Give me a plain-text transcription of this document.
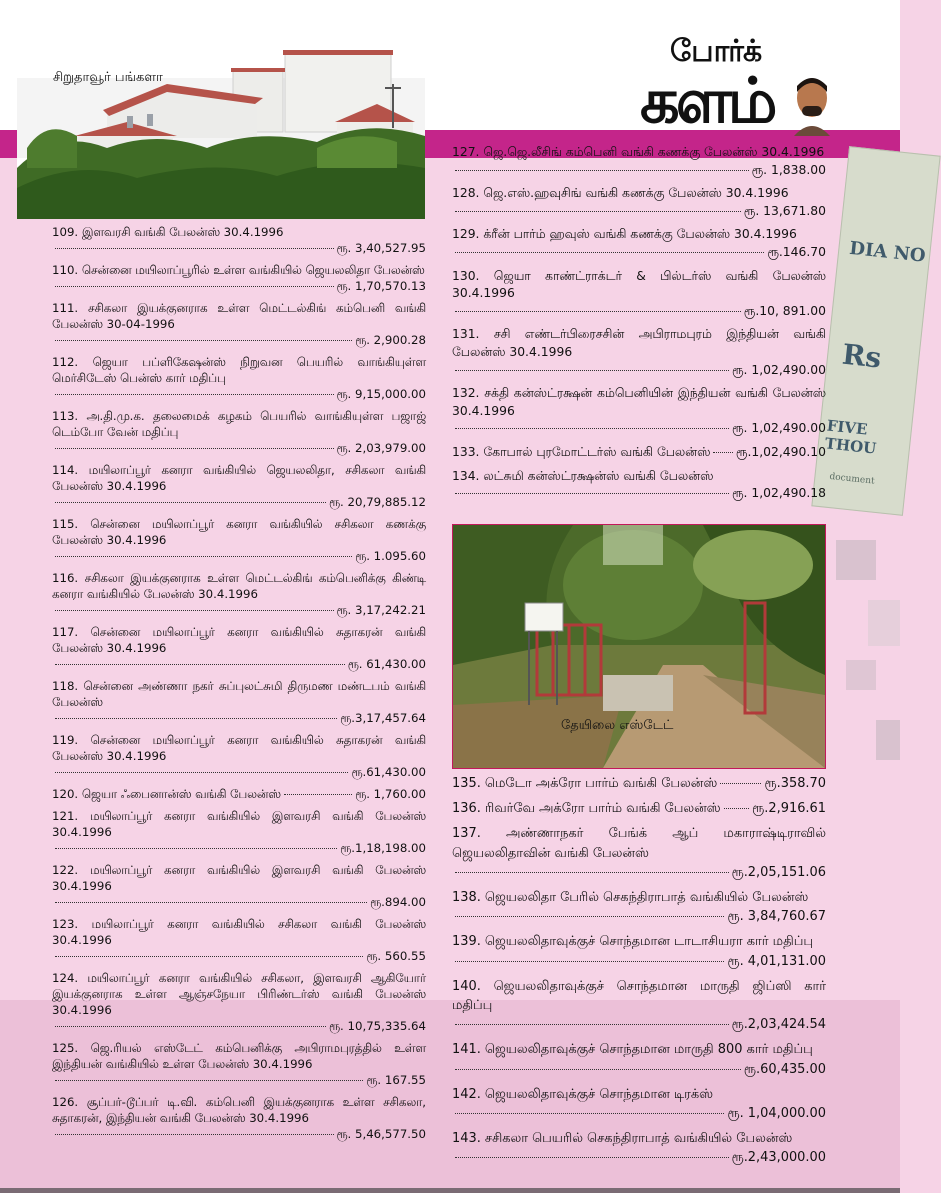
DIA NO
Rs
FIVE THOU
document
போர்க்
களம்
சிறுதாவூர் பங்களா
தேயிலை எஸ்டேட்
109. இளவரசி வங்கி பேலன்ஸ் 30.4.1996
ரூ. 3,40,527.95
110. சென்னை மயிலாப்பூரில் உள்ள வங்கியில் ஜெயலலிதா பேலன்ஸ்
ரூ. 1,70,570.13
111. சசிகலா இயக்குனராக உள்ள மெட்டல்கிங் கம்பெனி வங்கி பேலன்ஸ் 30-04-1996
ரூ. 2,900.28
112. ஜெயா பப்ளிகேஷன்ஸ் நிறுவன பெயரில் வாங்கியுள்ள மெர்சிடேஸ் பென்ஸ் கார் மதிப்பு
ரூ. 9,15,000.00
113. அ.தி.மு.க. தலைமைக் கழகம் பெயரில் வாங்கியுள்ள பஜாஜ் டெம்போ வேன் மதிப்பு
ரூ. 2,03,979.00
114. மயிலாப்பூர் கனரா வங்கியில் ஜெயலலிதா, சசிகலா வங்கி பேலன்ஸ் 30.4.1996
ரூ. 20,79,885.12
115. சென்னை மயிலாப்பூர் கனரா வங்கியில் சசிகலா கணக்கு பேலன்ஸ் 30.4.1996
ரூ. 1.095.60
116. சசிகலா இயக்குனராக உள்ள மெட்டல்கிங் கம்பெனிக்கு கிண்டி கனரா வங்கியில் பேலன்ஸ் 30.4.1996
ரூ. 3,17,242.21
117. சென்னை மயிலாப்பூர் கனரா வங்கியில் சுதாகரன் வங்கி பேலன்ஸ் 30.4.1996
ரூ. 61,430.00
118. சென்னை அண்ணா நகர் சுப்புலட்சுமி திருமண மண்டபம் வங்கி பேலன்ஸ்
ரூ.3,17,457.64
119. சென்னை மயிலாப்பூர் கனரா வங்கியில் சுதாகரன் வங்கி பேலன்ஸ் 30.4.1996
ரூ.61,430.00
120. ஜெயா ஃபைனான்ஸ் வங்கி பேலன்ஸ்	ரூ. 1,760.00
121. மயிலாப்பூர் கனரா வங்கியில் இளவரசி வங்கி பேலன்ஸ் 30.4.1996
ரூ.1,18,198.00
122. மயிலாப்பூர் கனரா வங்கியில் இளவரசி வங்கி பேலன்ஸ் 30.4.1996
ரூ.894.00
123. மயிலாப்பூர் கனரா வங்கியில் சசிகலா வங்கி பேலன்ஸ் 30.4.1996
ரூ. 560.55
124. மயிலாப்பூர் கனரா வங்கியில் சசிகலா, இளவரசி ஆகியோர் இயக்குனராக உள்ள ஆஞ்சநேயா பிரிண்டர்ஸ் வங்கி பேலன்ஸ் 30.4.1996
ரூ. 10,75,335.64
125. ஜெ.ரியல் எஸ்டேட் கம்பெனிக்கு அபிராமபுரத்தில் உள்ள இந்தியன் வங்கியில் உள்ள பேலன்ஸ் 30.4.1996
ரூ. 167.55
126. சூப்பர்-டூப்பர் டி.வி. கம்பெனி இயக்குனராக உள்ள சசிகலா, சுதாகரன், இந்தியன் வங்கி பேலன்ஸ் 30.4.1996
ரூ. 5,46,577.50
127. ஜெ.ஜெ.லீசிங் கம்பெனி வங்கி கணக்கு பேலன்ஸ் 30.4.1996
ரூ. 1,838.00
128. ஜெ.எஸ்.ஹவுசிங் வங்கி கணக்கு பேலன்ஸ் 30.4.1996
ரூ. 13,671.80
129. க்ரீன் பார்ம் ஹவுஸ் வங்கி கணக்கு பேலன்ஸ் 30.4.1996
ரூ.146.70
130. ஜெயா காண்ட்ராக்டர் & பில்டர்ஸ் வங்கி பேலன்ஸ் 30.4.1996
ரூ.10, 891.00
131. சசி எண்டர்பிரைசசின் அபிராமபுரம் இந்தியன் வங்கி பேலன்ஸ் 30.4.1996
ரூ. 1,02,490.00
132. சக்தி கன்ஸ்ட்ரக்ஷன் கம்பெனியின் இந்தியன் வங்கி பேலன்ஸ் 30.4.1996
ரூ. 1,02,490.00
133. கோபால் புரமோட்டர்ஸ் வங்கி பேலன்ஸ் ரூ.1,02,490.10
134. லட்சுமி கன்ஸ்ட்ரக்ஷன்ஸ் வங்கி பேலன்ஸ்
ரூ. 1,02,490.18
135. மெடோ அக்ரோ பார்ம் வங்கி பேலன்ஸ்	ரூ.358.70
136. ரிவர்வே அக்ரோ பார்ம் வங்கி பேலன்ஸ் ரூ.2,916.61
137. அண்ணாநகர் பேங்க் ஆப் மகாராஷ்டிராவில் ஜெயலலிதாவின் வங்கி பேலன்ஸ்
ரூ.2,05,151.06
138. ஜெயலலிதா பேரில் செகந்திராபாத் வங்கியில் பேலன்ஸ்
ரூ. 3,84,760.67
139. ஜெயலலிதாவுக்குச் சொந்தமான டாடாசியரா கார் மதிப்பு
ரூ. 4,01,131.00
140. ஜெயலலிதாவுக்குச் சொந்தமான மாருதி ஜிப்ஸி கார் மதிப்பு
ரூ.2,03,424.54
141. ஜெயலலிதாவுக்குச் சொந்தமான மாருதி 800 கார் மதிப்பு
ரூ.60,435.00
142. ஜெயலலிதாவுக்குச் சொந்தமான டிரக்ஸ்
ரூ. 1,04,000.00
143. சசிகலா பெயரில் செகந்திராபாத் வங்கியில் பேலன்ஸ்
ரூ.2,43,000.00
